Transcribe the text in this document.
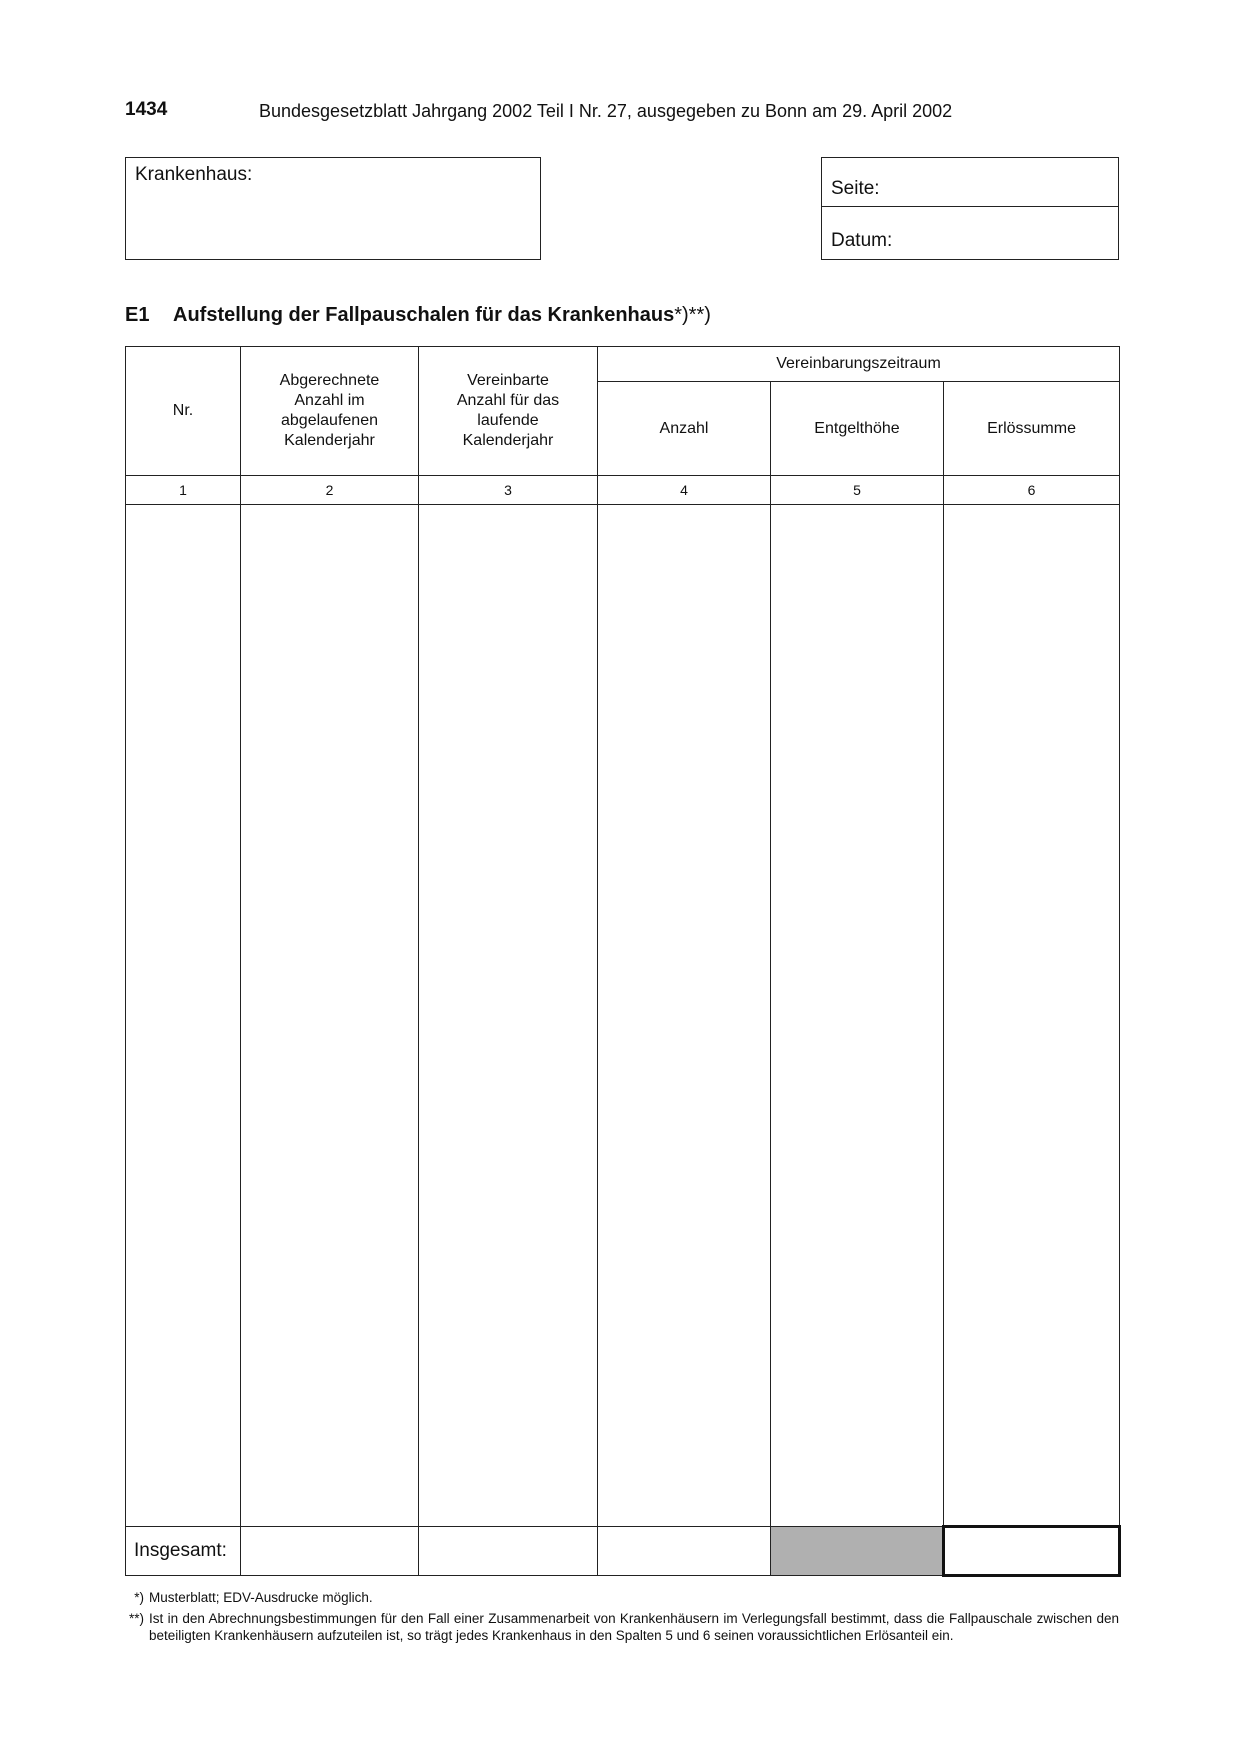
1434	Bundesgesetzblatt Jahrgang 2002 Teil I Nr. 27, ausgegeben zu Bonn am 29. April 2002
Krankenhaus:
Seite:
Datum:
E1 Aufstellung der Fallpauschalen für das Krankenhaus*)**)
Nr.	Abgerechnete Anzahl im abgelaufenen Kalenderjahr	Vereinbarte Anzahl für das laufende Kalenderjahr	Vereinbarungszeitraum		
			Anzahl	Entgelthöhe	Erlössumme
1	2	3	4	5	6

Insgesamt:					
*) Musterblatt; EDV-Ausdrucke möglich.
**) Ist in den Abrechnungsbestimmungen für den Fall einer Zusammenarbeit von Krankenhäusern im Verlegungsfall bestimmt, dass die Fallpauschale zwischen den beteiligten Krankenhäusern aufzuteilen ist, so trägt jedes Krankenhaus in den Spalten 5 und 6 seinen voraussichtlichen Erlösanteil ein.
